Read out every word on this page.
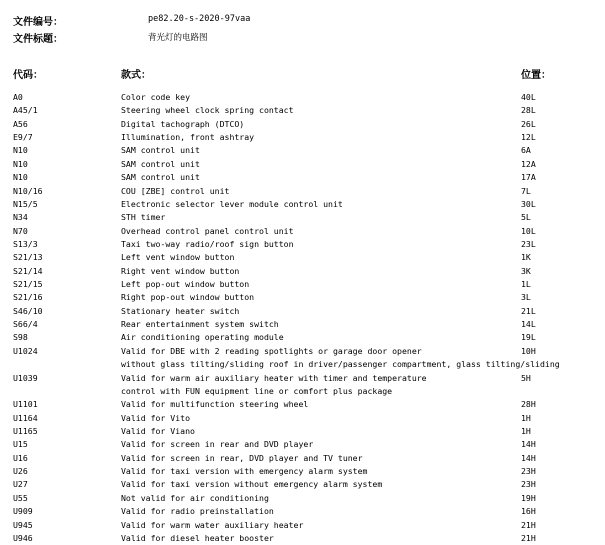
文件编号：	pe82.20-s-2020-97vaa
文件标题：	背光灯的电路图
代码：	款式：	位置：
A0	Color code key	40L
A45/1	Steering wheel clock spring contact	28L
A56	Digital tachograph (DTCO)	26L
E9/7	Illumination, front ashtray	12L
N10	SAM control unit	6A
N10	SAM control unit	12A
N10	SAM control unit	17A
N10/16	COU [ZBE] control unit	7L
N15/5	Electronic selector lever module control unit	30L
N34	STH timer	5L
N70	Overhead control panel control unit	10L
S13/3	Taxi two-way radio/roof sign button	23L
S21/13	Left vent window button	1K
S21/14	Right vent window button	3K
S21/15	Left pop-out window button	1L
S21/16	Right pop-out window button	3L
S46/10	Stationary heater switch	21L
S66/4	Rear entertainment system switch	14L
S98	Air conditioning operating module	19L
U1024	Valid for DBE with 2 reading spotlights or garage door opener	10H
without glass tilting/sliding roof in driver/passenger compartment, glass tilting/sliding
U1039	Valid for warm air auxiliary heater with timer and temperature	5H
control with FUN equipment line or comfort plus package
U1101	Valid for multifunction steering wheel	28H
U1164	Valid for Vito	1H
U1165	Valid for Viano	1H
U15	Valid for screen in rear and DVD player	14H
U16	Valid for screen in rear, DVD player and TV tuner	14H
U26	Valid for taxi version with emergency alarm system	23H
U27	Valid for taxi version without emergency alarm system	23H
U55	Not valid for air conditioning	19H
U909	Valid for radio preinstallation	16H
U945	Valid for warm water auxiliary heater	21H
U946	Valid for diesel heater booster	21H
